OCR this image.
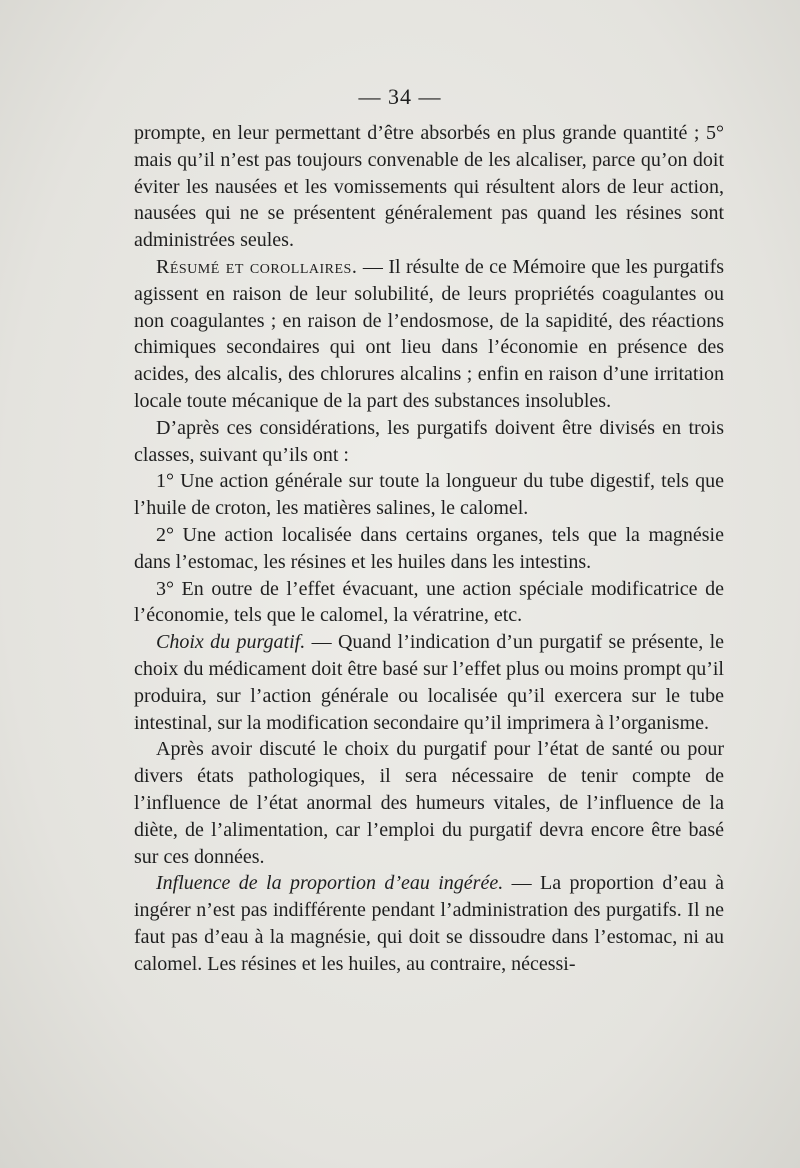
— 34 —

prompte, en leur permettant d’être absorbés en plus grande quantité ; 5° mais qu’il n’est pas toujours convenable de les alcaliser, parce qu’on doit éviter les nausées et les vomissements qui résultent alors de leur action, nausées qui ne se présentent généralement pas quand les résines sont administrées seules.

Résumé et corollaires. — Il résulte de ce Mémoire que les purgatifs agissent en raison de leur solubilité, de leurs propriétés coagulantes ou non coagulantes ; en raison de l’endosmose, de la sapidité, des réactions chimiques secondaires qui ont lieu dans l’économie en présence des acides, des alcalis, des chlorures alcalins ; enfin en raison d’une irritation locale toute mécanique de la part des substances insolubles.

D’après ces considérations, les purgatifs doivent être divisés en trois classes, suivant qu’ils ont :

1° Une action générale sur toute la longueur du tube digestif, tels que l’huile de croton, les matières salines, le calomel.

2° Une action localisée dans certains organes, tels que la magnésie dans l’estomac, les résines et les huiles dans les intestins.

3° En outre de l’effet évacuant, une action spéciale modificatrice de l’économie, tels que le calomel, la vératrine, etc.

Choix du purgatif. — Quand l’indication d’un purgatif se présente, le choix du médicament doit être basé sur l’effet plus ou moins prompt qu’il produira, sur l’action générale ou localisée qu’il exercera sur le tube intestinal, sur la modification secondaire qu’il imprimera à l’organisme.

Après avoir discuté le choix du purgatif pour l’état de santé ou pour divers états pathologiques, il sera nécessaire de tenir compte de l’influence de l’état anormal des humeurs vitales, de l’influence de la diète, de l’alimentation, car l’emploi du purgatif devra encore être basé sur ces données.

Influence de la proportion d’eau ingérée. — La proportion d’eau à ingérer n’est pas indifférente pendant l’administration des purgatifs. Il ne faut pas d’eau à la magnésie, qui doit se dissoudre dans l’estomac, ni au calomel. Les résines et les huiles, au contraire, nécessi-
